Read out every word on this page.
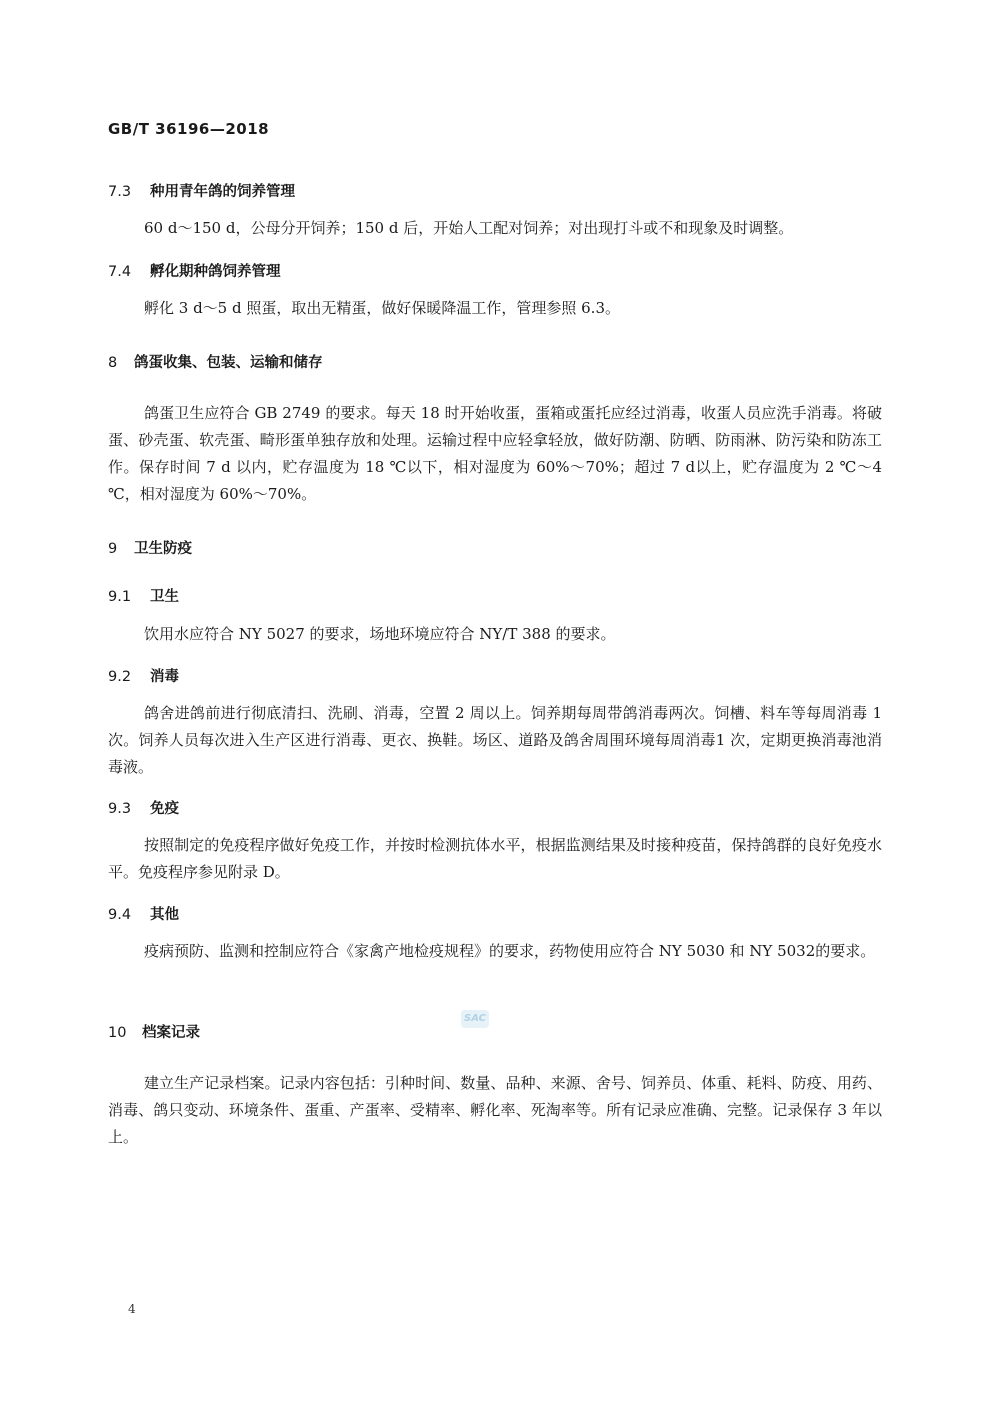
GB/T 36196—2018
7.3 种用青年鸽的饲养管理
60 d～150 d，公母分开饲养；150 d 后，开始人工配对饲养；对出现打斗或不和现象及时调整。
7.4 孵化期种鸽饲养管理
孵化 3 d～5 d 照蛋，取出无精蛋，做好保暖降温工作，管理参照 6.3。
8 鸽蛋收集、包装、运输和储存
鸽蛋卫生应符合 GB 2749 的要求。每天 18 时开始收蛋，蛋箱或蛋托应经过消毒，收蛋人员应洗手消毒。将破蛋、砂壳蛋、软壳蛋、畸形蛋单独存放和处理。运输过程中应轻拿轻放，做好防潮、防晒、防雨淋、防污染和防冻工作。保存时间 7 d 以内，贮存温度为 18 ℃以下，相对湿度为 60%～70%；超过 7 d以上，贮存温度为 2 ℃～4 ℃，相对湿度为 60%～70%。
9 卫生防疫
9.1 卫生
饮用水应符合 NY 5027 的要求，场地环境应符合 NY/T 388 的要求。
9.2 消毒
鸽舍进鸽前进行彻底清扫、洗刷、消毒，空置 2 周以上。饲养期每周带鸽消毒两次。饲槽、料车等每周消毒 1 次。饲养人员每次进入生产区进行消毒、更衣、换鞋。场区、道路及鸽舍周围环境每周消毒1 次，定期更换消毒池消毒液。
9.3 免疫
按照制定的免疫程序做好免疫工作，并按时检测抗体水平，根据监测结果及时接种疫苗，保持鸽群的良好免疫水平。免疫程序参见附录 D。
9.4 其他
疫病预防、监测和控制应符合《家禽产地检疫规程》的要求，药物使用应符合 NY 5030 和 NY 5032的要求。
SAC
10 档案记录
建立生产记录档案。记录内容包括：引种时间、数量、品种、来源、舍号、饲养员、体重、耗料、防疫、用药、消毒、鸽只变动、环境条件、蛋重、产蛋率、受精率、孵化率、死淘率等。所有记录应准确、完整。记录保存 3 年以上。
4
